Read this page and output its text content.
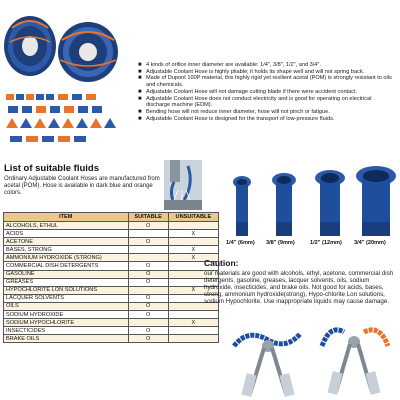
■ 4 kinds of orifice inner diameter are available: 1/4", 3/8", 1/2", and 3/4".
■ Adjustable Coolant Hose is highly pliable; it holds its shape well and will not spring back.
■ Made of Dupont 100P material, this highly rigid yet resilient acetal (POM) is strongly resistant to oils and chemicals.
■ Adjustable Coolant Hose will not damage cutting blade if there were accident contact.
■ Adjustable Coolant Hose does not conduct electricity and is good for operating on electrical discharge machine (EDM).
■ Bending hose will not reduce inner diameter, hose will not pinch or fatigue.
■ Adjustable Coolant Hose is designed for the transport of low-pressure fluids.
List of suitable fluids
Ordinary Adjustable Coolant Hoses are manufactured from acetal (POM). Hose is available in dark blue and orange colors.
ITEM	SUITABLE	UNSUITABLE
ALCOHOLS, ETHUL	O	
ACIDS		X
ACETONE	O	
BASES, STRONG		X
AMMONIUM HYDROXIDE (STRONG)		X
COMMERCIAL DISH DETERGENTS	O	
GASOLINE	O	
GREASES	O	
HYPOCHLORITE LON SOLUTIONS		X
LACQUER SOLVENTS	O	
OILS	O	
SODIUM HYDROXIDE	O	
SODIUM HYPOCHLORITE		X
INSECTICIDES	O	
BRAKE OILS	O	
1/4" (6mm) 3/8" (9mm)	1/2" (12mm) 3/4" (20mm)
Caution:
our materials are good with alcohols, ethyl, acetone, commercial dish detergents, gasoline, greases, lacquer solvents, oils, sodium hydroxide, insecticides, and brake oils. Not good for acids, bases, strong, ammonium hydroxide(strong), Hypo-chlorite Lon solutions, sodium Hypochlorite. Use inappropriate liquids may cause damage.
